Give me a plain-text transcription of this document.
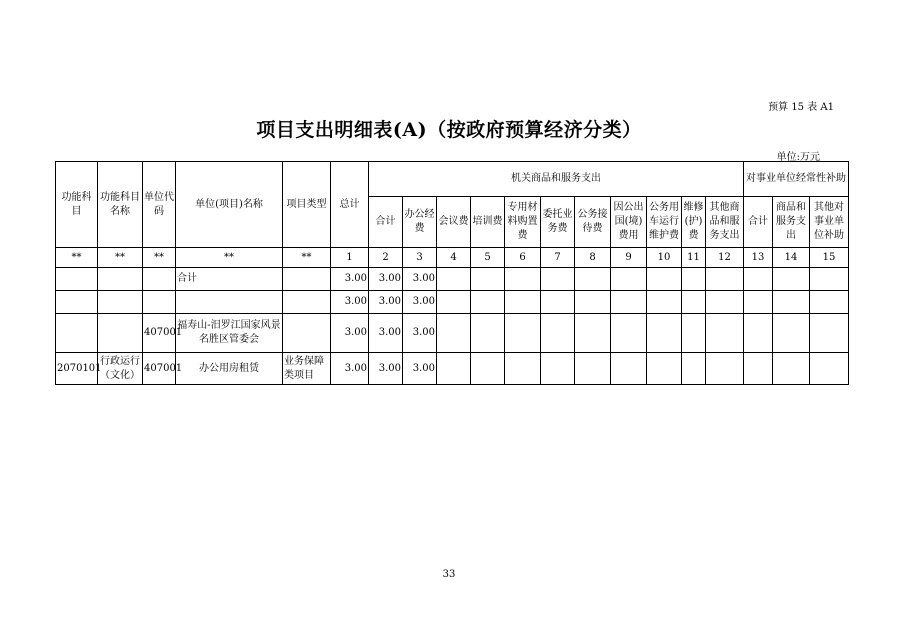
预算 15 表 A1
项目支出明细表(A)（按政府预算经济分类）
单位:万元
功能科目	功能科目名称	单位代码	单位(项目)名称	项目类型	总计	机关商品和服务支出											对事业单位经常性补助		
						合计	办公经费	会议费	培训费	专用材料购置费	委托业务费	公务接待费	因公出国(境)费用	公务用车运行维护费	维修(护)费	其他商品和服务支出	合计	商品和服务支出	其他对事业单位补助
**	**	**	**	**	1	2	3	4	5	6	7	8	9	10	11	12	13	14	15
			合计		3.00	3.00	3.00												
					3.00	3.00	3.00												
		407001	福寿山-汨罗江国家风景名胜区管委会		3.00	3.00	3.00												
2070101	行政运行（文化）	407001	办公用房租赁	业务保障类项目	3.00	3.00	3.00												
33
